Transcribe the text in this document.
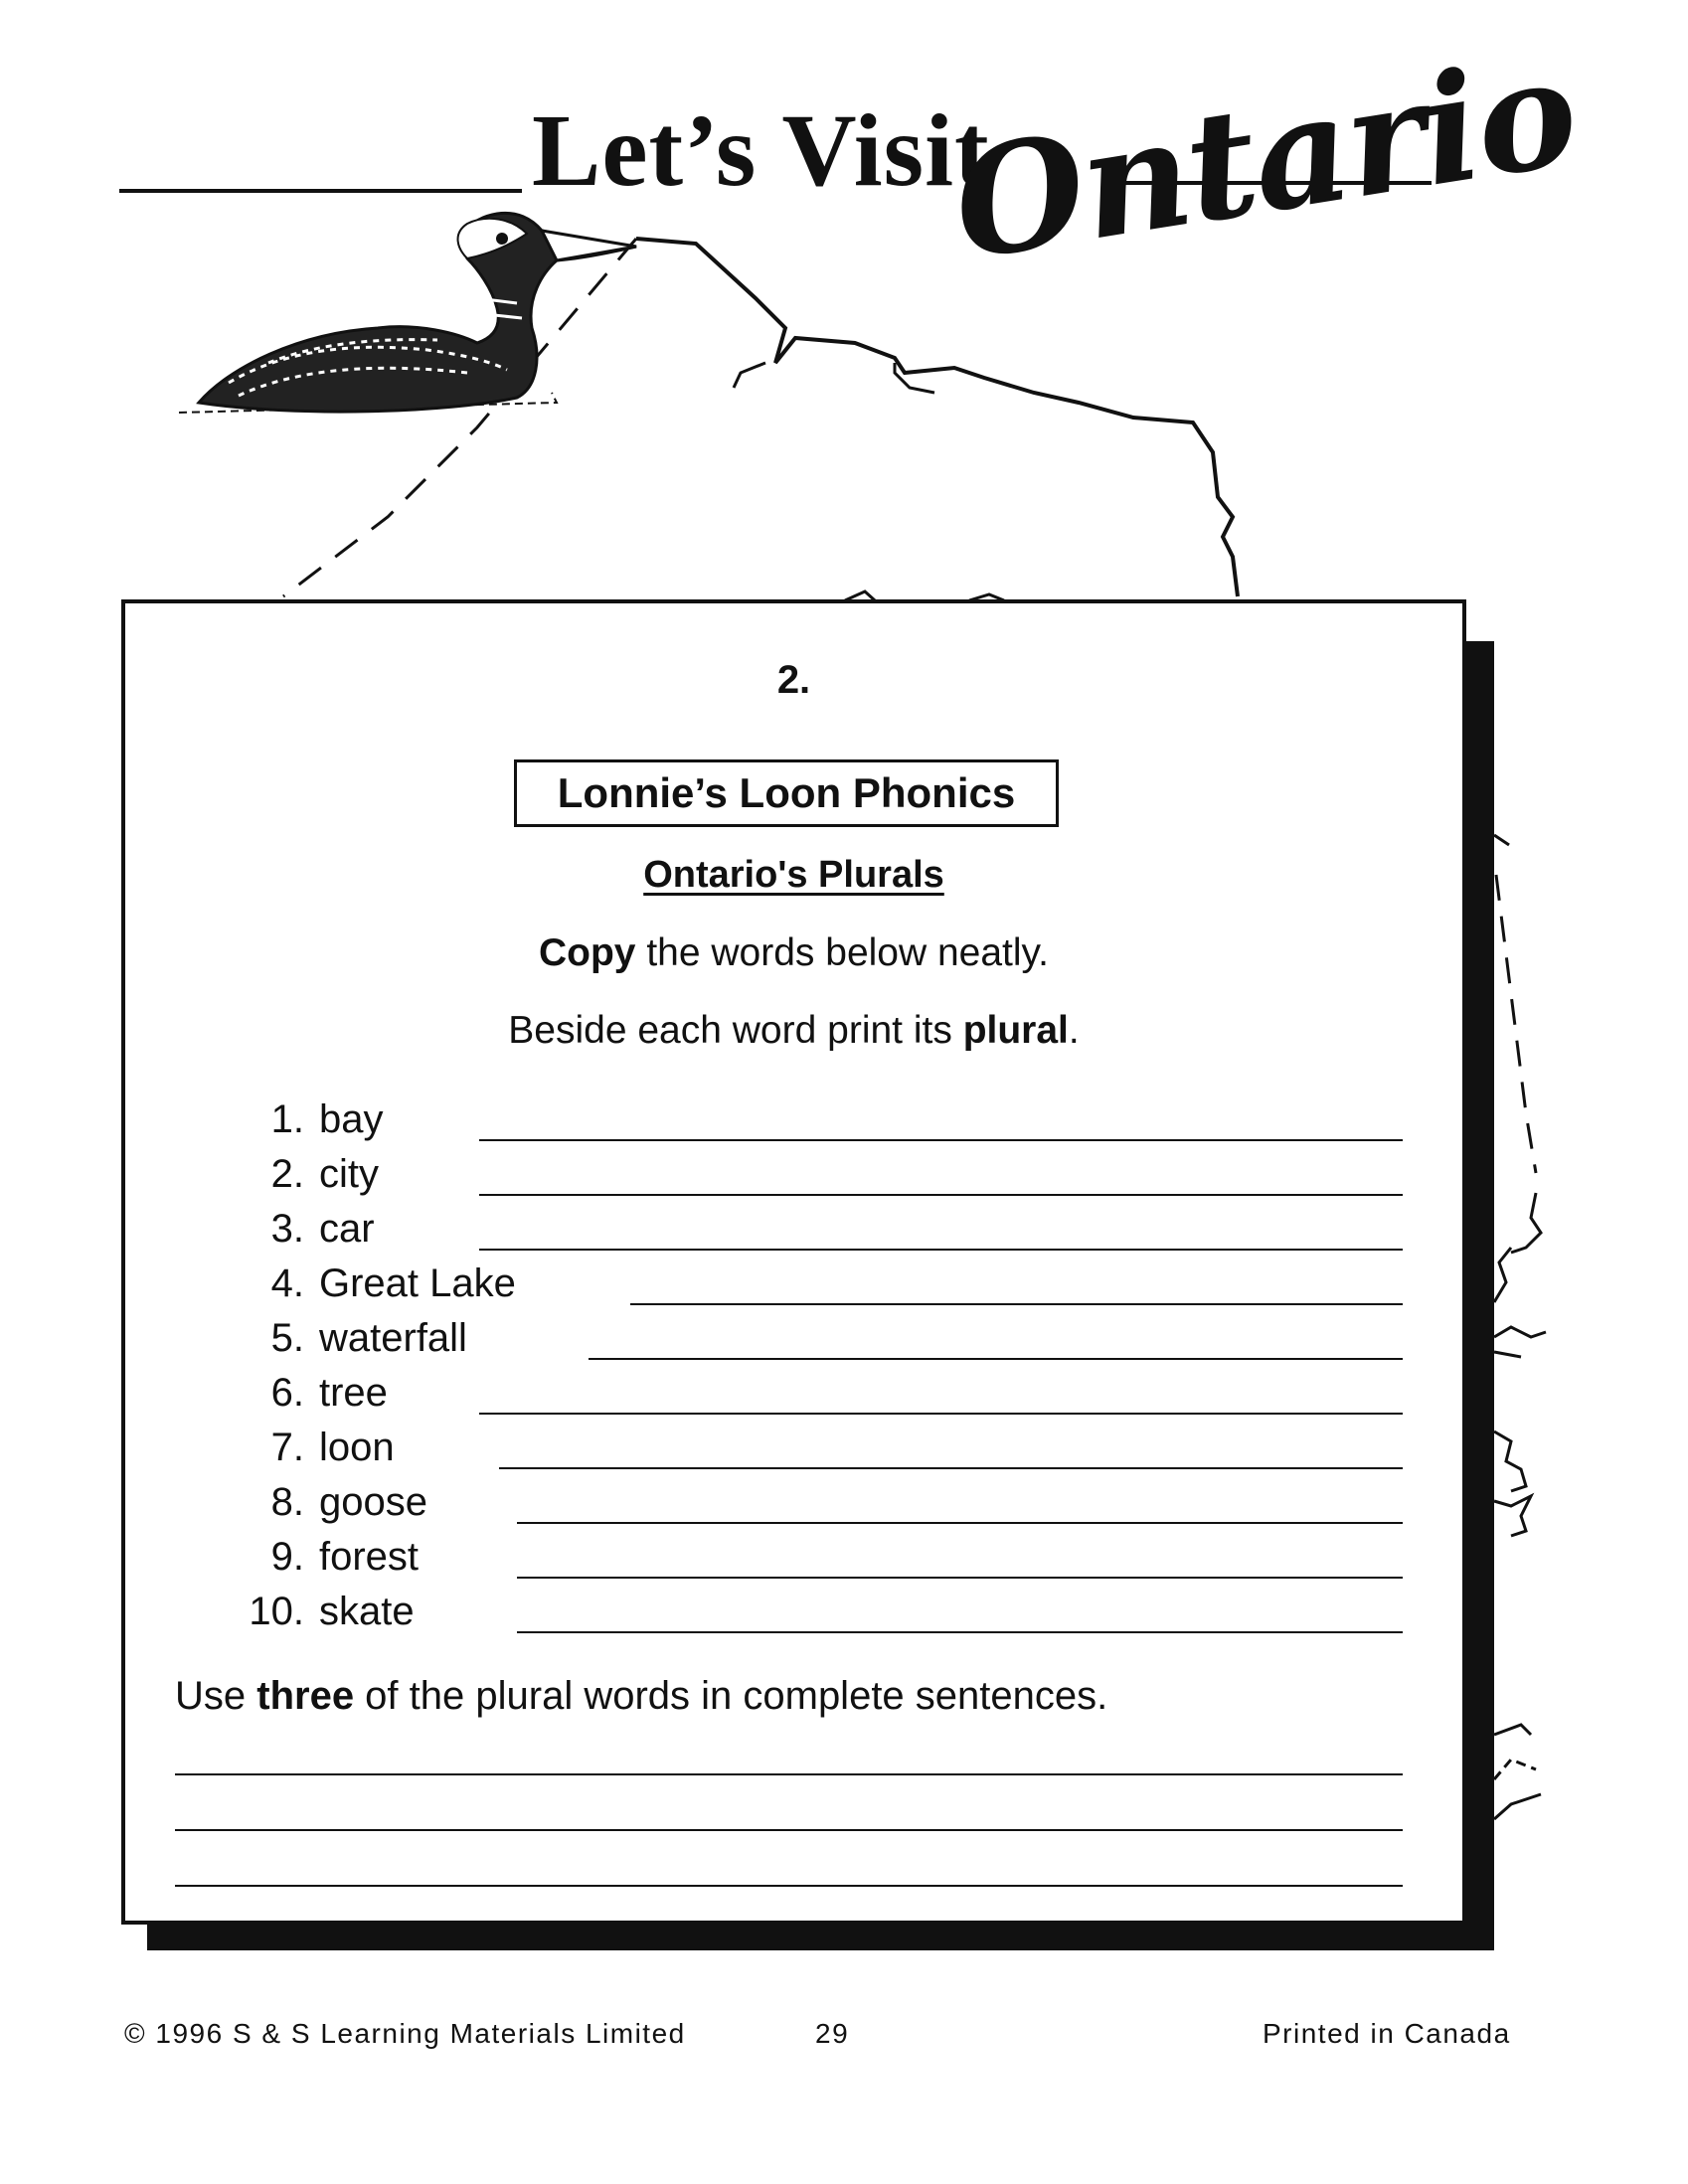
Let’s Visit
Ontario
2.
Lonnie’s Loon Phonics
Ontario's Plurals
Copy the words below neatly.
Beside each word print its plural.
1. bay
2. city
3. car
4. Great Lake
5. waterfall
6. tree
7. loon
8. goose
9. forest
10. skate
Use three of the plural words in complete sentences.
© 1996 S & S Learning Materials Limited	29	Printed in Canada
